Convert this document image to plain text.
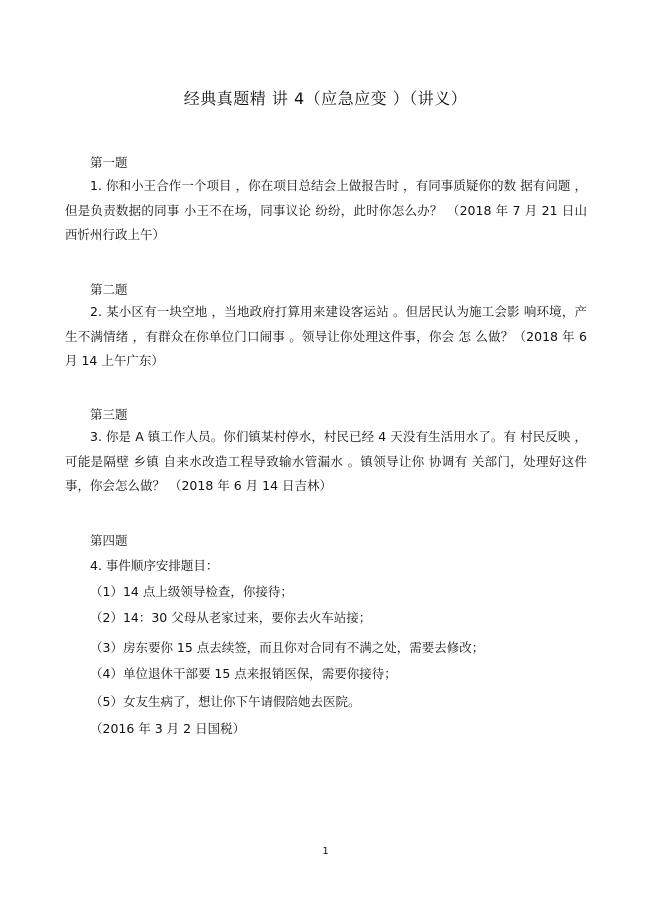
经典真题精 讲 4（应急应变 ）（讲义）
第一题
1. 你和小王合作一个项目 ，你在项目总结会上做报告时 ，有同事质疑你的数 据有问题 ，但是负责数据的同事 小王不在场，同事议论 纷纷，此时你怎么办？ （2018 年 7 月 21 日山西忻州行政上午）
第二题
2. 某小区有一块空地 ，当地政府打算用来建设客运站 。但居民认为施工会影 响环境，产生不满情绪 ，有群众在你单位门口闹事 。领导让你处理这件事，你会 怎 么做？（2018 年 6 月 14 上午广东）
第三题
3. 你是 A 镇工作人员。你们镇某村停水，村民已经 4 天没有生活用水了。有 村民反映 ，可能是隔壁 乡镇 自来水改造工程导致输水管漏水 。镇领导让你 协调有 关部门，处理好这件事，你会怎么做？ （2018 年 6 月 14 日吉林）
第四题
4. 事件顺序安排题目：
（1）14 点上级领导检查，你接待；
（2）14：30 父母从老家过来，要你去火车站接；
（3）房东要你 15 点去续签，而且你对合同有不满之处，需要去修改；
（4）单位退休干部要 15 点来报销医保，需要你接待；
（5）女友生病了，想让你下午请假陪她去医院。
（2016 年 3 月 2 日国税）
1
